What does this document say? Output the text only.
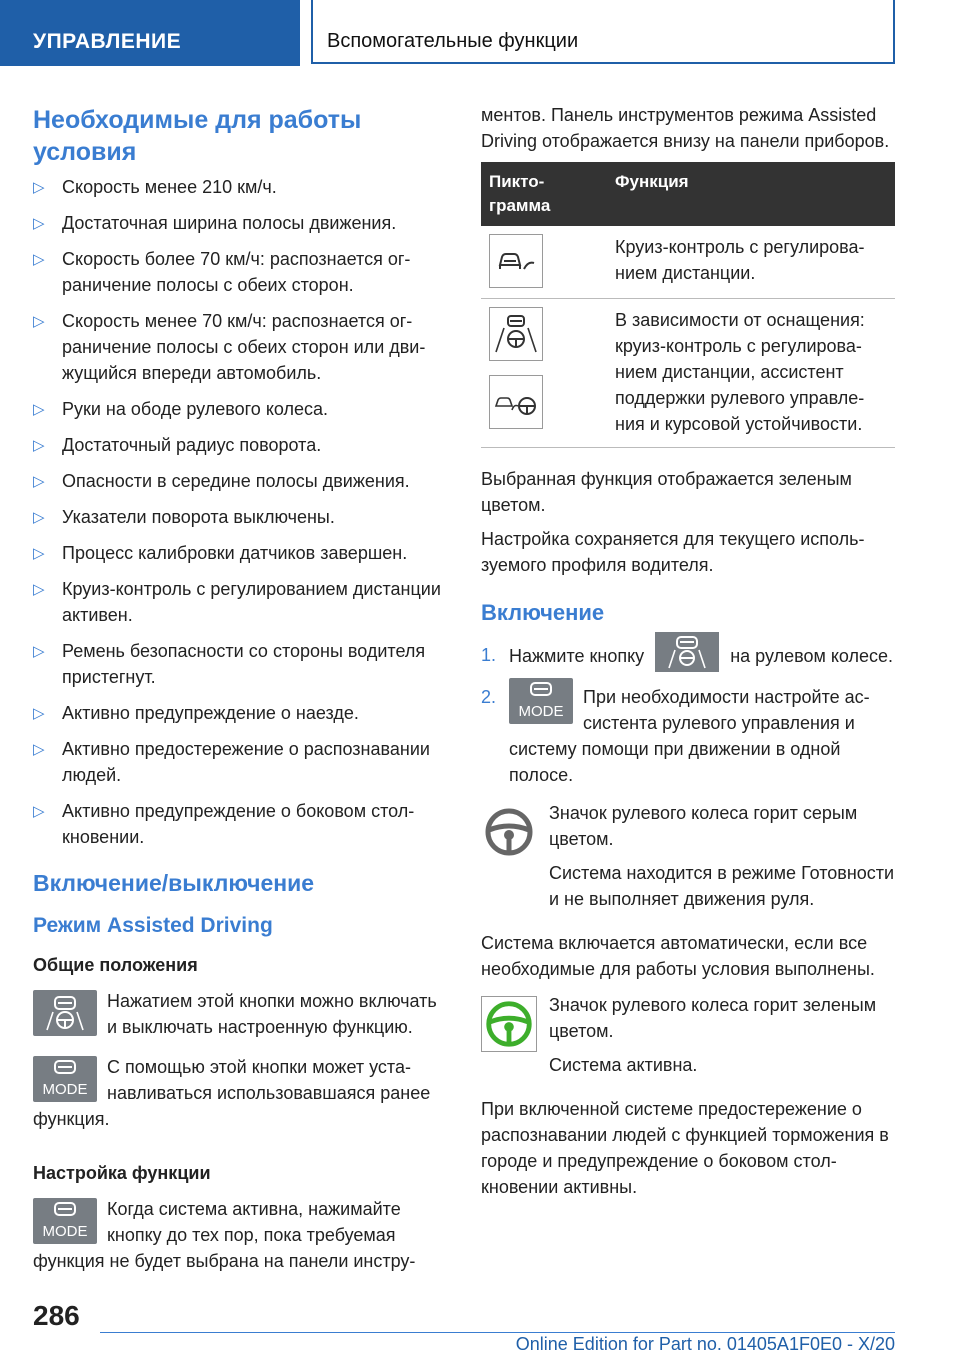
УПРАВЛЕНИЕ	Вспомогательные функции
Необходимые для работы условия
▷ Скорость менее 210 км/ч.
▷ Достаточная ширина полосы движения.
▷ Скорость более 70 км/ч: распознается ограничение полосы с обеих сторон.
▷ Скорость менее 70 км/ч: распознается ограничение полосы с обеих сторон или движущийся впереди автомобиль.
▷ Руки на ободе рулевого колеса.
▷ Достаточный радиус поворота.
▷ Опасности в середине полосы движения.
▷ Указатели поворота выключены.
▷ Процесс калибровки датчиков завершен.
▷ Круиз-контроль с регулированием дистанции активен.
▷ Ремень безопасности со стороны водителя пристегнут.
▷ Активно предупреждение о наезде.
▷ Активно предостережение о распознавании людей.
▷ Активно предупреждение о боковом столкновении.
Включение/выключение
Режим Assisted Driving
Общие положения
Нажатием этой кнопки можно включать и выключать настроенную функцию.
MODE
С помощью этой кнопки может устанавливаться использовавшаяся ранее функция.
Настройка функции
MODE
Когда система активна, нажимайте кнопку до тех пор, пока требуемая функция не будет выбрана на панели инстру-

ментов. Панель инструментов режима Assisted Driving отображается внизу на панели приборов.

Пиктограмма	Функция

	Круиз-контроль с регулированием дистанции.

	В зависимости от оснащения: круиз-контроль с регулированием дистанции, ассистент поддержки рулевого управления и курсовой устойчивости.

Выбранная функция отображается зеленым цветом.

Настройка сохраняется для текущего используемого профиля водителя.

Включение
1. Нажмите кнопку	на рулевом колесе.
2.
MODE
При необходимости настройте ассистента рулевого управления и систему помощи при движении в одной полосе.

Значок рулевого колеса горит серым цветом.

Система находится в режиме Готовности и не выполняет движения руля.

Система включается автоматически, если все необходимые для работы условия выполнены.

Значок рулевого колеса горит зеленым цветом.

Система активна.

При включенной системе предостережение о распознавании людей с функцией торможения в городе и предупреждение о боковом столкновении активны.

286
Online Edition for Part no. 01405A1F0E0 - X/20
